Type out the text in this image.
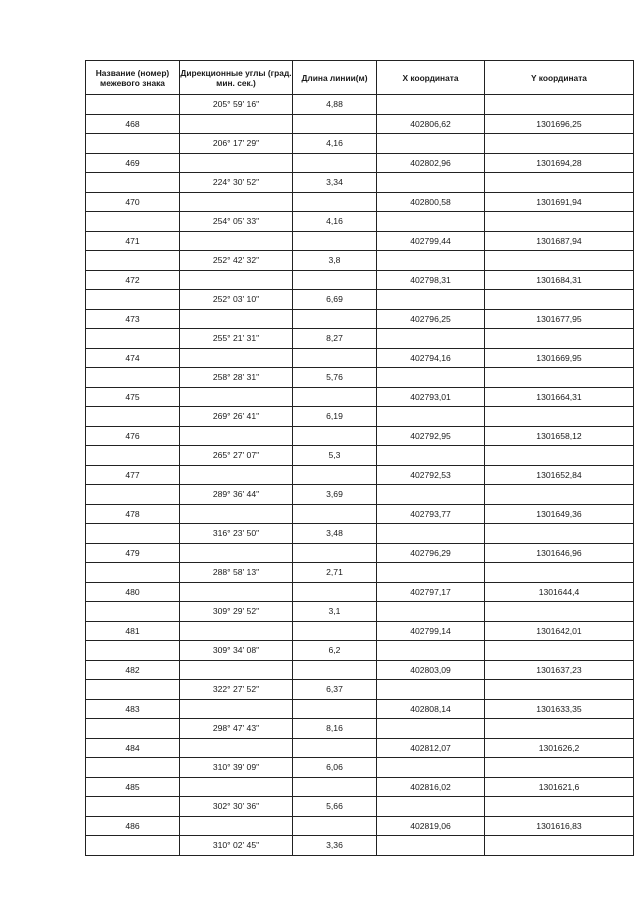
Название (номер) межевого знака	Дирекционные углы (град. мин. сек.)	Длина линии(м)	X координата	Y координата
	205° 59' 16"	4,88		
468			402806,62	1301696,25
	206° 17' 29"	4,16		
469			402802,96	1301694,28
	224° 30' 52"	3,34		
470			402800,58	1301691,94
	254° 05' 33"	4,16		
471			402799,44	1301687,94
	252° 42' 32"	3,8		
472			402798,31	1301684,31
	252° 03' 10"	6,69		
473			402796,25	1301677,95
	255° 21' 31"	8,27		
474			402794,16	1301669,95
	258° 28' 31"	5,76		
475			402793,01	1301664,31
	269° 26' 41"	6,19		
476			402792,95	1301658,12
	265° 27' 07"	5,3		
477			402792,53	1301652,84
	289° 36' 44"	3,69		
478			402793,77	1301649,36
	316° 23' 50"	3,48		
479			402796,29	1301646,96
	288° 58' 13"	2,71		
480			402797,17	1301644,4
	309° 29' 52"	3,1		
481			402799,14	1301642,01
	309° 34' 08"	6,2		
482			402803,09	1301637,23
	322° 27' 52"	6,37		
483			402808,14	1301633,35
	298° 47' 43"	8,16		
484			402812,07	1301626,2
	310° 39' 09"	6,06		
485			402816,02	1301621,6
	302° 30' 36"	5,66		
486			402819,06	1301616,83
	310° 02' 45"	3,36		
